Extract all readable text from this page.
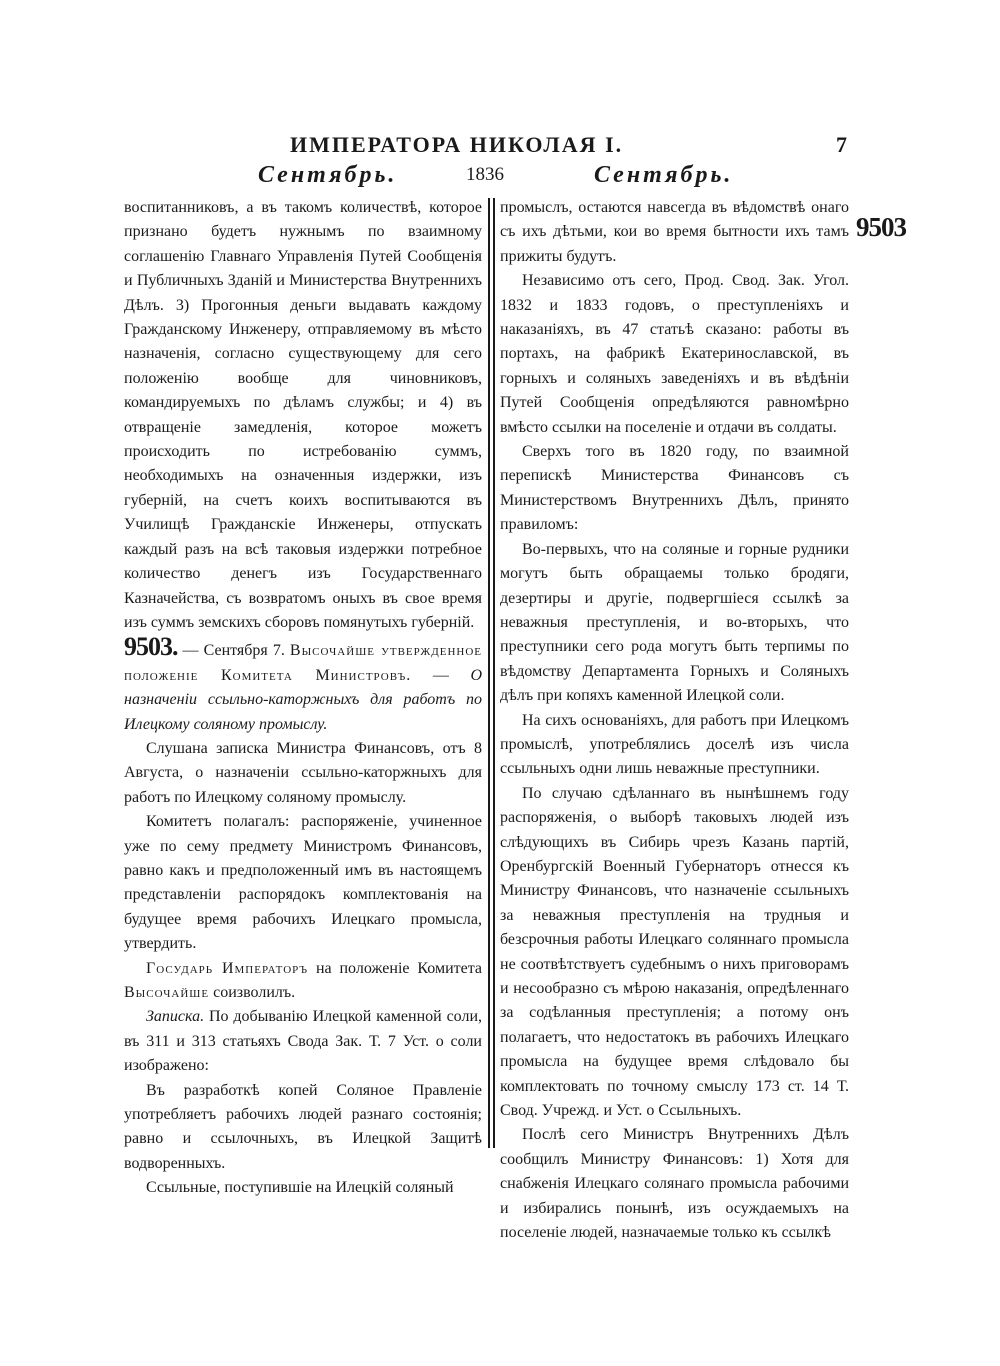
ИМПЕРАТОРА НИКОЛАЯ I.	7
Сентябрь.	1836	Сентябрь.
9503

воспитанниковъ, а въ такомъ количествѣ, которое признано будетъ нужнымъ по взаимному соглашенію Главнаго Управленія Путей Сообщенія и Публичныхъ Зданій и Министерства Внутреннихъ Дѣлъ. 3) Прогонныя деньги выдавать каждому Гражданскому Инженеру, отправляемому въ мѣсто назначенія, согласно существующему для сего положенію вообще для чиновниковъ, командируемыхъ по дѣламъ службы; и 4) въ отвращеніе замедленія, которое можетъ происходить по истребованію суммъ, необходимыхъ на означенныя издержки, изъ губерній, на счетъ коихъ воспитываются въ Училищѣ Гражданскіе Инженеры, отпускать каждый разъ на всѣ таковыя издержки потребное количество денегъ изъ Государственнаго Казначейства, съ возвратомъ оныхъ въ свое время изъ суммъ земскихъ сборовъ помянутыхъ губерній.

9503. — Сентября 7. Высочайше утвержденное положеніе Комитета Министровъ. — О назначеніи ссыльно-каторжныхъ для работъ по Илецкому соляному промыслу.

Слушана записка Министра Финансовъ, отъ 8 Августа, о назначеніи ссыльно-каторжныхъ для работъ по Илецкому соляному промыслу.

Комитетъ полагалъ: распоряженіе, учиненное уже по сему предмету Министромъ Финансовъ, равно какъ и предположенный имъ въ настоящемъ представленіи распорядокъ комплектованія на будущее время рабочихъ Илецкаго промысла, утвердить.

Государь Императоръ на положеніе Комитета Высочайше соизволилъ.

Записка. По добыванію Илецкой каменной соли, въ 311 и 313 статьяхъ Свода Зак. Т. 7 Уст. о соли изображено:

Въ разработкѣ копей Соляное Правленіе употребляетъ рабочихъ людей разнаго состоянія; равно и ссылочныхъ, въ Илецкой Защитѣ водворенныхъ.

Ссыльные, поступившіе на Илецкій соляный

промыслъ, остаются навсегда въ вѣдомствѣ онаго съ ихъ дѣтьми, кои во время бытности ихъ тамъ прижиты будутъ.

Независимо отъ сего, Прод. Свод. Зак. Угол. 1832 и 1833 годовъ, о преступленіяхъ и наказаніяхъ, въ 47 статьѣ сказано: работы въ портахъ, на фабрикѣ Екатеринославской, въ горныхъ и соляныхъ заведеніяхъ и въ вѣдѣніи Путей Сообщенія опредѣляются равномѣрно вмѣсто ссылки на поселеніе и отдачи въ солдаты.

Сверхъ того въ 1820 году, по взаимной перепискѣ Министерства Финансовъ съ Министерствомъ Внутреннихъ Дѣлъ, принято правиломъ:

Во-первыхъ, что на соляные и горные рудники могутъ быть обращаемы только бродяги, дезертиры и другіе, подвергшіеся ссылкѣ за неважныя преступленія, и во-вторыхъ, что преступники сего рода могутъ быть терпимы по вѣдомству Департамента Горныхъ и Соляныхъ дѣлъ при копяхъ каменной Илецкой соли.

На сихъ основаніяхъ, для работъ при Илецкомъ промыслѣ, употреблялись доселѣ изъ числа ссыльныхъ одни лишь неважные преступники.

По случаю сдѣланнаго въ нынѣшнемъ году распоряженія, о выборѣ таковыхъ людей изъ слѣдующихъ въ Сибирь чрезъ Казань партій, Оренбургскій Военный Губернаторъ отнесся къ Министру Финансовъ, что назначеніе ссыльныхъ за неважныя преступленія на трудныя и безсрочныя работы Илецкаго соляннаго промысла не соотвѣтствуетъ судебнымъ о нихъ приговорамъ и несообразно съ мѣрою наказанія, опредѣленнаго за содѣланныя преступленія; а потому онъ полагаетъ, что недостатокъ въ рабочихъ Илецкаго промысла на будущее время слѣдовало бы комплектовать по точному смыслу 173 ст. 14 Т. Свод. Учрежд. и Уст. о Ссыльныхъ.

Послѣ сего Министръ Внутреннихъ Дѣлъ сообщилъ Министру Финансовъ: 1) Хотя для снабженія Илецкаго солянаго промысла рабочими и избирались понынѣ, изъ осуждаемыхъ на поселеніе людей, назначаемые только къ ссылкѣ
